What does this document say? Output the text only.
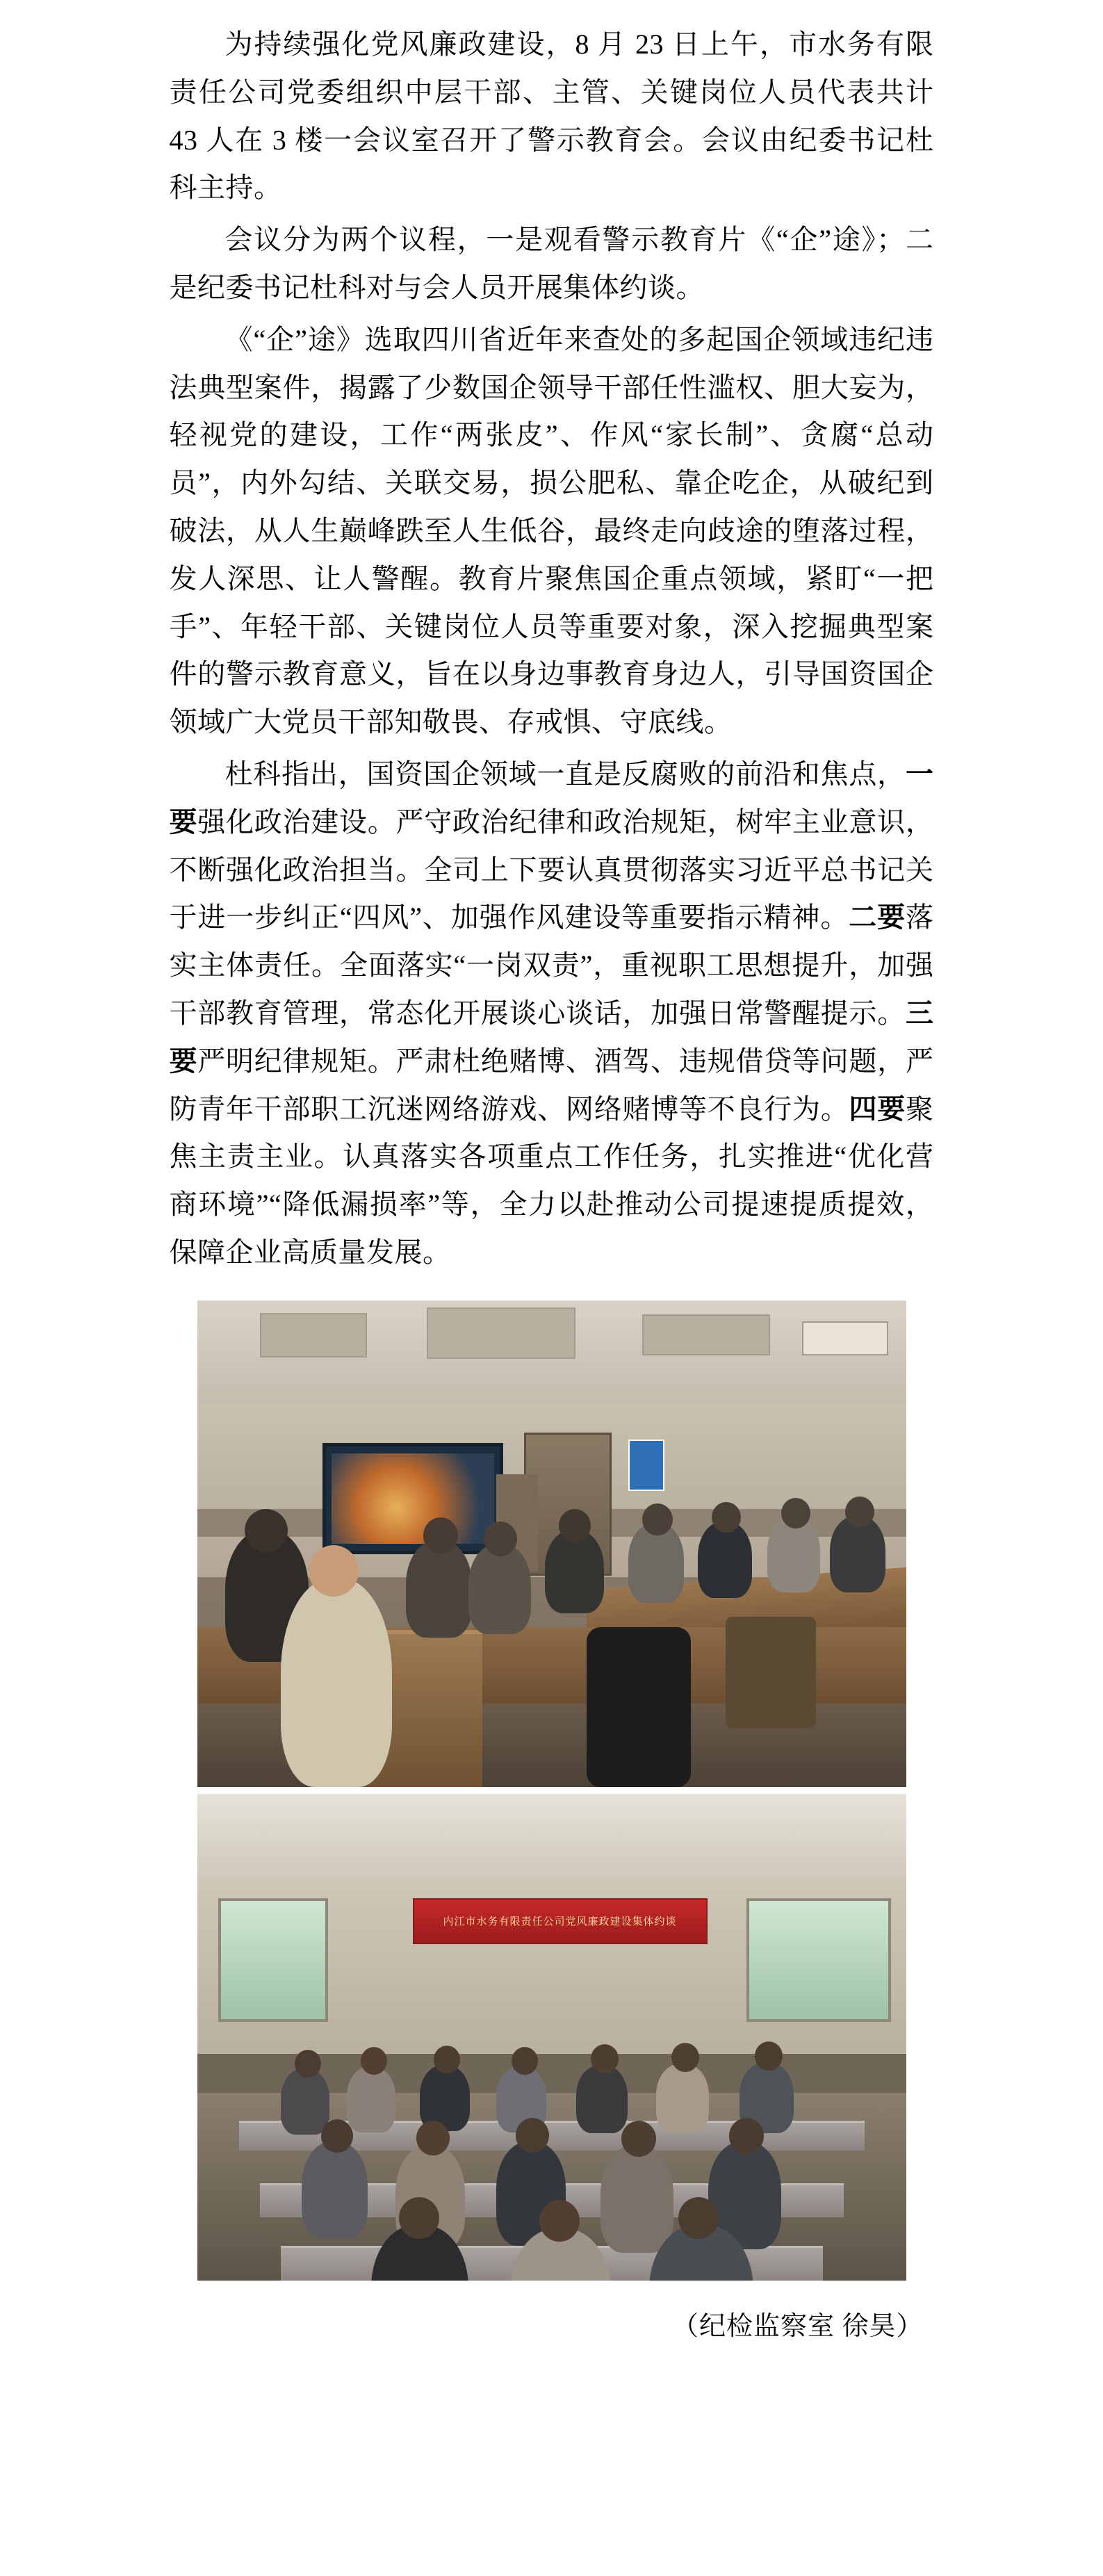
为持续强化党风廉政建设，8 月 23 日上午，市水务有限责任公司党委组织中层干部、主管、关键岗位人员代表共计 43 人在 3 楼一会议室召开了警示教育会。会议由纪委书记杜科主持。

会议分为两个议程，一是观看警示教育片《“企”途》；二是纪委书记杜科对与会人员开展集体约谈。

《“企”途》选取四川省近年来查处的多起国企领域违纪违法典型案件，揭露了少数国企领导干部任性滥权、胆大妄为，轻视党的建设，工作“两张皮”、作风“家长制”、贪腐“总动员”，内外勾结、关联交易，损公肥私、靠企吃企，从破纪到破法，从人生巅峰跌至人生低谷，最终走向歧途的堕落过程，发人深思、让人警醒。教育片聚焦国企重点领域，紧盯“一把手”、年轻干部、关键岗位人员等重要对象，深入挖掘典型案件的警示教育意义，旨在以身边事教育身边人，引导国资国企领域广大党员干部知敬畏、存戒惧、守底线。

杜科指出，国资国企领域一直是反腐败的前沿和焦点，一要强化政治建设。严守政治纪律和政治规矩，树牢主业意识，不断强化政治担当。全司上下要认真贯彻落实习近平总书记关于进一步纠正“四风”、加强作风建设等重要指示精神。二要落实主体责任。全面落实“一岗双责”，重视职工思想提升，加强干部教育管理，常态化开展谈心谈话，加强日常警醒提示。三要严明纪律规矩。严肃杜绝赌博、酒驾、违规借贷等问题，严防青年干部职工沉迷网络游戏、网络赌博等不良行为。四要聚焦主责主业。认真落实各项重点工作任务，扎实推进“优化营商环境”“降低漏损率”等，全力以赴推动公司提速提质提效，保障企业高质量发展。

内江市水务有限责任公司党风廉政建设集体约谈
（纪检监察室 徐昊）
